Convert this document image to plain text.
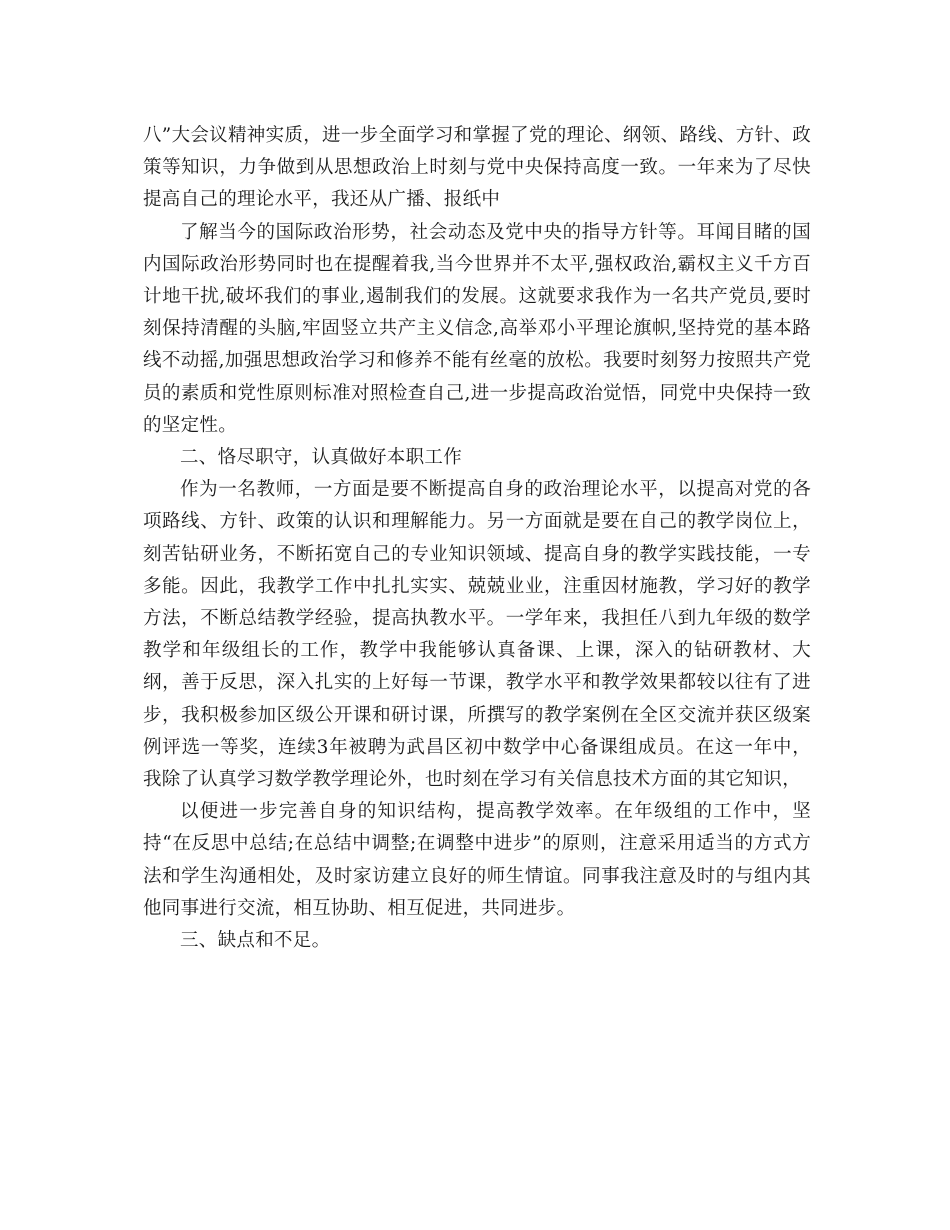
八”大会议精神实质，进一步全面学习和掌握了党的理论、纲领、路线、方针、政策等知识，力争做到从思想政治上时刻与党中央保持高度一致。一年来为了尽快提高自己的理论水平，我还从广播、报纸中

了解当今的国际政治形势，社会动态及党中央的指导方针等。耳闻目睹的国内国际政治形势同时也在提醒着我,当今世界并不太平,强权政治,霸权主义千方百计地干扰,破坏我们的事业,遏制我们的发展。这就要求我作为一名共产党员,要时刻保持清醒的头脑,牢固竖立共产主义信念,高举邓小平理论旗帜,坚持党的基本路线不动摇,加强思想政治学习和修养不能有丝毫的放松。我要时刻努力按照共产党员的素质和党性原则标准对照检查自己,进一步提高政治觉悟，同党中央保持一致的坚定性。

二、恪尽职守，认真做好本职工作

作为一名教师，一方面是要不断提高自身的政治理论水平，以提高对党的各项路线、方针、政策的认识和理解能力。另一方面就是要在自己的教学岗位上，刻苦钻研业务，不断拓宽自己的专业知识领域、提高自身的教学实践技能，一专多能。因此，我教学工作中扎扎实实、兢兢业业，注重因材施教，学习好的教学方法，不断总结教学经验，提高执教水平。一学年来，我担任八到九年级的数学教学和年级组长的工作，教学中我能够认真备课、上课，深入的钻研教材、大纲，善于反思，深入扎实的上好每一节课，教学水平和教学效果都较以往有了进步，我积极参加区级公开课和研讨课，所撰写的教学案例在全区交流并获区级案例评选一等奖，连续3年被聘为武昌区初中数学中心备课组成员。在这一年中，我除了认真学习数学教学理论外，也时刻在学习有关信息技术方面的其它知识，

以便进一步完善自身的知识结构，提高教学效率。在年级组的工作中，坚持“在反思中总结;在总结中调整;在调整中进步”的原则，注意采用适当的方式方法和学生沟通相处，及时家访建立良好的师生情谊。同事我注意及时的与组内其他同事进行交流，相互协助、相互促进，共同进步。

三、缺点和不足。
